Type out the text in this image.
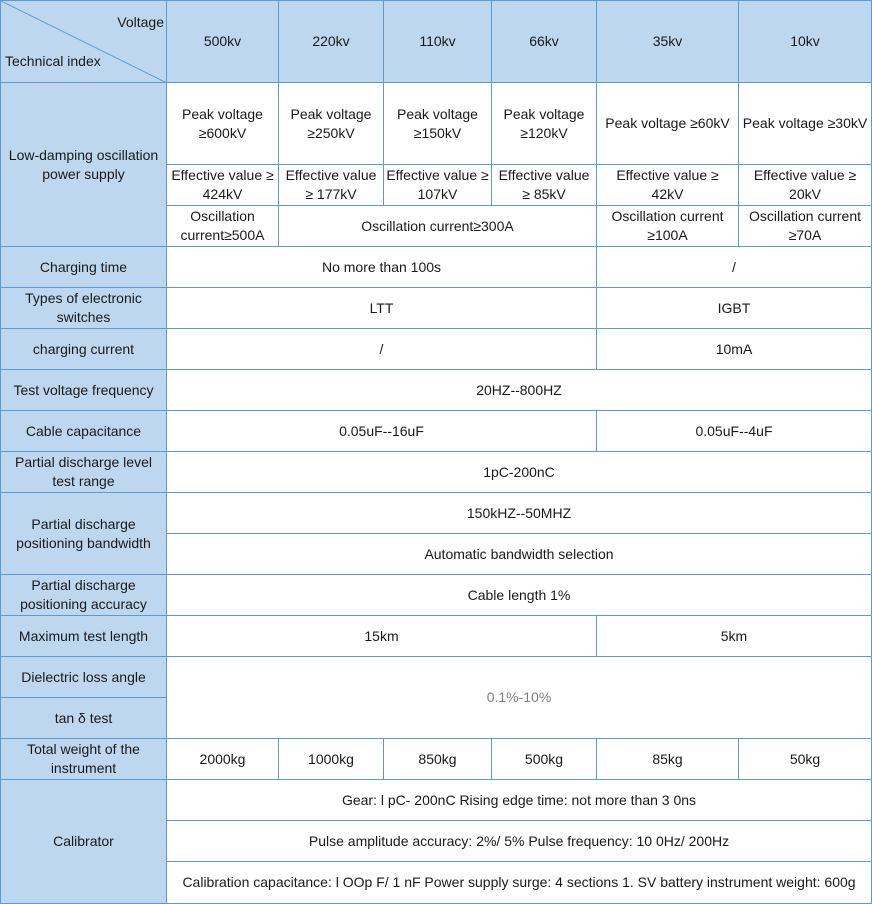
Voltage
Technical index	500kv	220kv	110kv	66kv	35kv	10kv
Low-damping oscillation power supply	Peak voltage ≥600kV	Peak voltage ≥250kV	Peak voltage ≥150kV	Peak voltage ≥120kV	Peak voltage ≥60kV	Peak voltage ≥30kV
	Effective value ≥ 424kV	Effective value ≥ 177kV	Effective value ≥ 107kV	Effective value ≥ 85kV	Effective value ≥ 42kV	Effective value ≥ 20kV
	Oscillation current≥500A	Oscillation current≥300A			Oscillation current ≥100A	Oscillation current ≥70A
Charging time	No more than 100s				/	
Types of electronic switches	LTT				IGBT	
charging current	/				10mA	
Test voltage frequency	20HZ--800HZ					
Cable capacitance	0.05uF--16uF				0.05uF--4uF	
Partial discharge level test range	1pC-200nC					
Partial discharge positioning bandwidth	150kHZ--50MHZ					
	Automatic bandwidth selection					
Partial discharge positioning accuracy	Cable length 1%					
Maximum test length	15km				5km	
Dielectric loss angle	0.1%-10%					
tan δ test						
Total weight of the instrument	2000kg	1000kg	850kg	500kg	85kg	50kg
Calibrator	Gear: l pC- 200nC Rising edge time: not more than 3 0ns					
	Pulse amplitude accuracy: 2%/ 5% Pulse frequency: 10 0Hz/ 200Hz					
	Calibration capacitance: l OOp F/ 1 nF Power supply surge: 4 sections 1. SV battery instrument weight: 600g					
